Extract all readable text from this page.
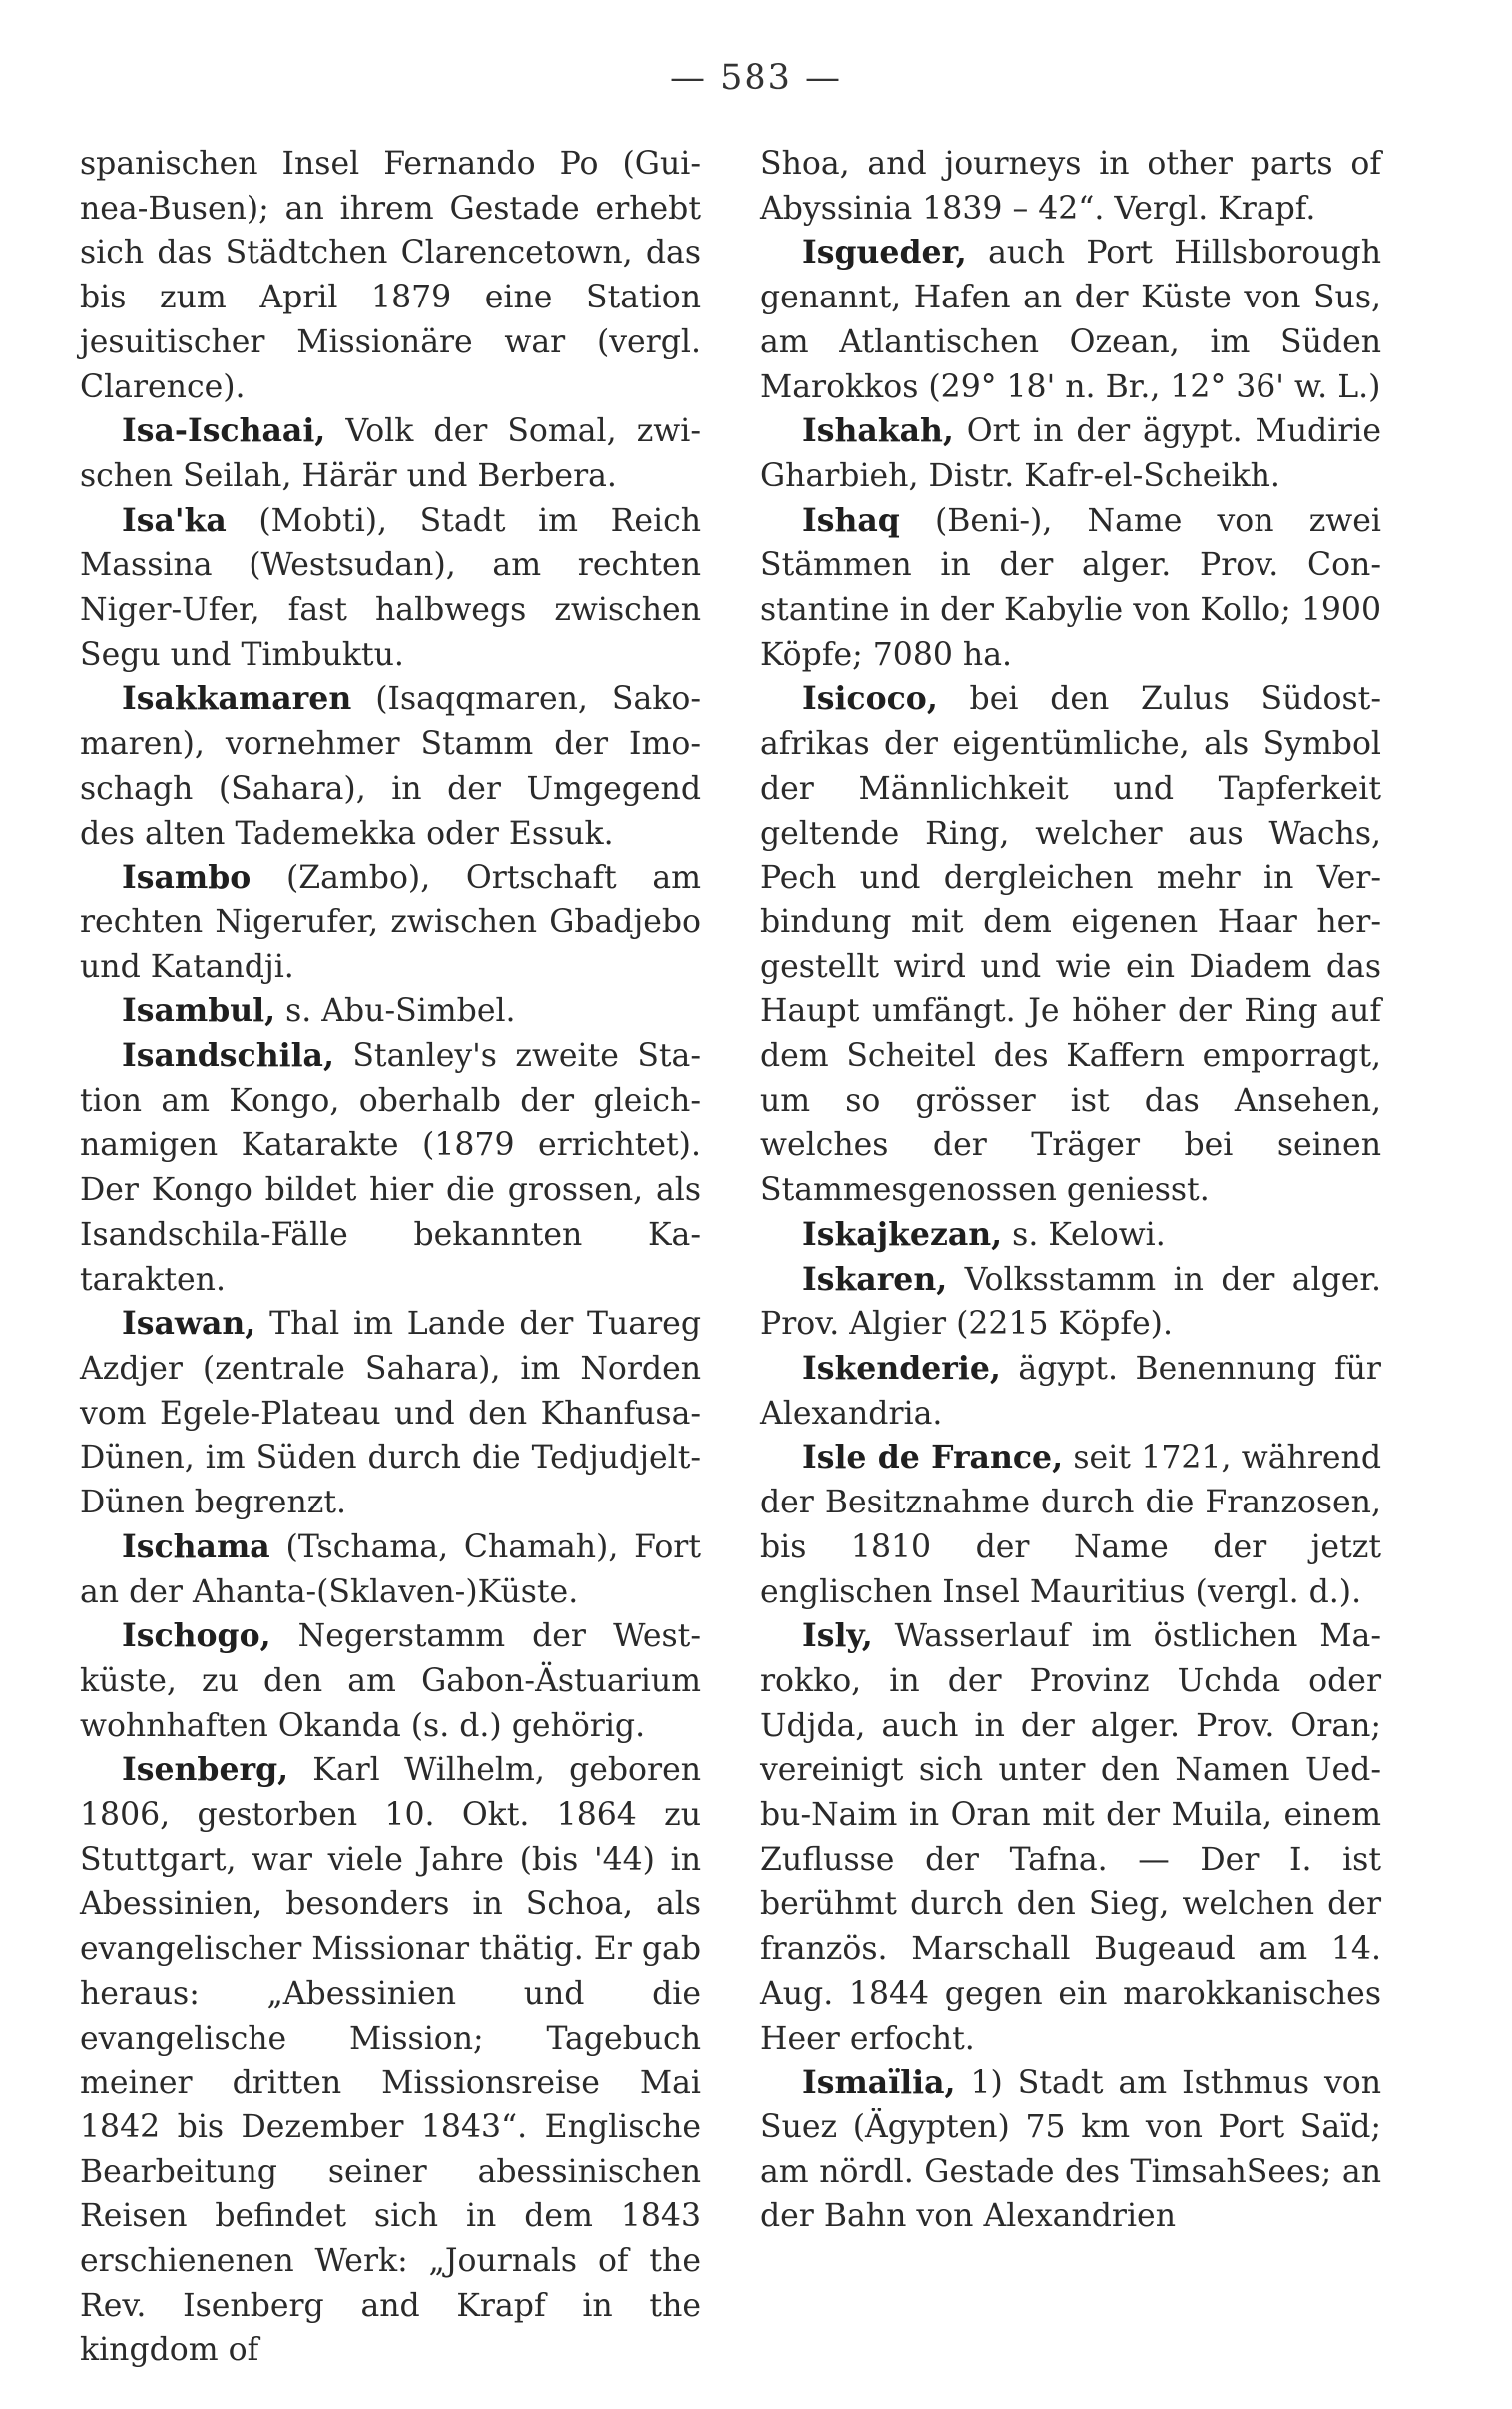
— 583 —

spanischen Insel Fernando Po (Guinea-Busen); an ihrem Gestade erhebt sich das Städtchen Clarencetown, das bis zum April 1879 eine Station jesuitischer Missionäre war (vergl. Clarence).

Isa-Ischaai, Volk der Somal, zwischen Seilah, Härär und Berbera.

Isa'ka (Mobti), Stadt im Reich Massina (Westsudan), am rechten Niger-Ufer, fast halbwegs zwischen Segu und Timbuktu.

Isakkamaren (Isaqqmaren, Sakomaren), vornehmer Stamm der Imoschagh (Sahara), in der Umgegend des alten Tademekka oder Essuk.

Isambo (Zambo), Ortschaft am rechten Nigerufer, zwischen Gbadjebo und Katandji.

Isambul, s. Abu-Simbel.

Isandschila, Stanley's zweite Station am Kongo, oberhalb der gleichnamigen Katarakte (1879 errichtet). Der Kongo bildet hier die grossen, als Isandschila-Fälle bekannten Katarakten.

Isawan, Thal im Lande der Tuareg Azdjer (zentrale Sahara), im Norden vom Egele-Plateau und den Khanfusa-Dünen, im Süden durch die Tedjudjelt-Dünen begrenzt.

Ischama (Tschama, Chamah), Fort an der Ahanta-(Sklaven-)Küste.

Ischogo, Negerstamm der Westküste, zu den am Gabon-Ästuarium wohnhaften Okanda (s. d.) gehörig.

Isenberg, Karl Wilhelm, geboren 1806, gestorben 10. Okt. 1864 zu Stuttgart, war viele Jahre (bis '44) in Abessinien, besonders in Schoa, als evangelischer Missionar thätig. Er gab heraus: „Abessinien und die evangelische Mission; Tagebuch meiner dritten Missionsreise Mai 1842 bis Dezember 1843“. Englische Bearbeitung seiner abessinischen Reisen befindet sich in dem 1843 erschienenen Werk: „Journals of the Rev. Isenberg and Krapf in the kingdom of

Shoa, and journeys in other parts of Abyssinia 1839 – 42“. Vergl. Krapf.

Isgueder, auch Port Hillsborough genannt, Hafen an der Küste von Sus, am Atlantischen Ozean, im Süden Marokkos (29° 18' n. Br., 12° 36' w. L.)

Ishakah, Ort in der ägypt. Mudirie Gharbieh, Distr. Kafr-el-Scheikh.

Ishaq (Beni-), Name von zwei Stämmen in der alger. Prov. Constantine in der Kabylie von Kollo; 1900 Köpfe; 7080 ha.

Isicoco, bei den Zulus Südostafrikas der eigentümliche, als Symbol der Männlichkeit und Tapferkeit geltende Ring, welcher aus Wachs, Pech und dergleichen mehr in Verbindung mit dem eigenen Haar hergestellt wird und wie ein Diadem das Haupt umfängt. Je höher der Ring auf dem Scheitel des Kaffern emporragt, um so grösser ist das Ansehen, welches der Träger bei seinen Stammesgenossen geniesst.

Iskajkezan, s. Kelowi.

Iskaren, Volksstamm in der alger. Prov. Algier (2215 Köpfe).

Iskenderie, ägypt. Benennung für Alexandria.

Isle de France, seit 1721, während der Besitznahme durch die Franzosen, bis 1810 der Name der jetzt englischen Insel Mauritius (vergl. d.).

Isly, Wasserlauf im östlichen Marokko, in der Provinz Uchda oder Udjda, auch in der alger. Prov. Oran; vereinigt sich unter den Namen Uedbu-Naim in Oran mit der Muila, einem Zuflusse der Tafna. — Der I. ist berühmt durch den Sieg, welchen der französ. Marschall Bugeaud am 14. Aug. 1844 gegen ein marokkanisches Heer erfocht.

Ismaïlia, 1) Stadt am Isthmus von Suez (Ägypten) 75 km von Port Saïd; am nördl. Gestade des TimsahSees; an der Bahn von Alexandrien
